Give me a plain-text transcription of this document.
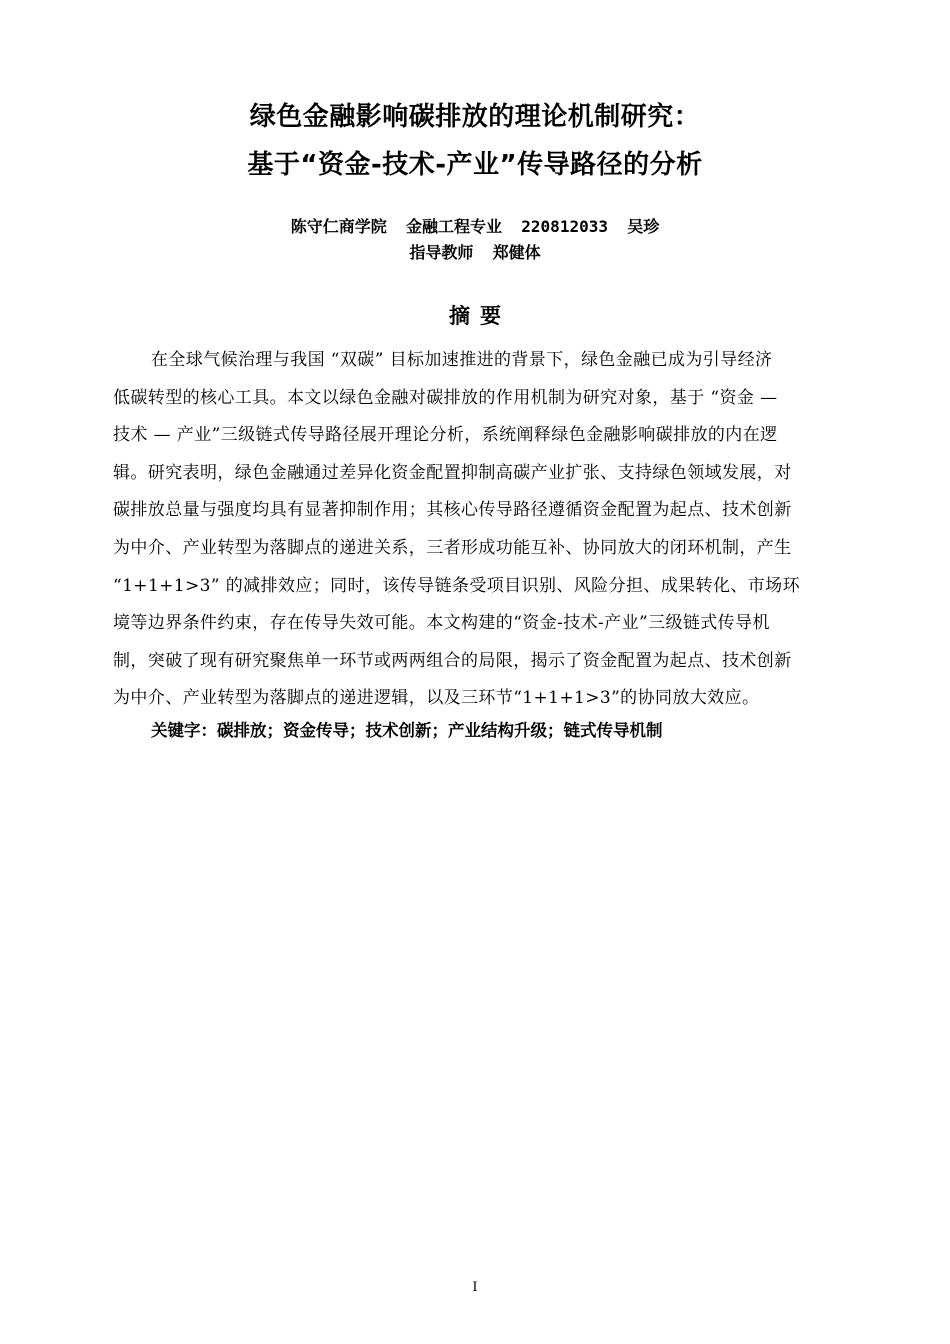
绿色金融影响碳排放的理论机制研究：
基于“资金-技术-产业”传导路径的分析
陈守仁商学院  金融工程专业  220812033  吴珍
指导教师  郑健体
摘要
在全球气候治理与我国 “双碳” 目标加速推进的背景下，绿色金融已成为引导经济
低碳转型的核心工具。本文以绿色金融对碳排放的作用机制为研究对象，基于 “资金 —
技术 — 产业”三级链式传导路径展开理论分析，系统阐释绿色金融影响碳排放的内在逻
辑。研究表明，绿色金融通过差异化资金配置抑制高碳产业扩张、支持绿色领域发展，对
碳排放总量与强度均具有显著抑制作用；其核心传导路径遵循资金配置为起点、技术创新
为中介、产业转型为落脚点的递进关系，三者形成功能互补、协同放大的闭环机制，产生
“1+1+1>3” 的减排效应；同时，该传导链条受项目识别、风险分担、成果转化、市场环
境等边界条件约束，存在传导失效可能。本文构建的“资金-技术-产业”三级链式传导机
制，突破了现有研究聚焦单一环节或两两组合的局限，揭示了资金配置为起点、技术创新
为中介、产业转型为落脚点的递进逻辑，以及三环节“1+1+1>3”的协同放大效应。
关键字：碳排放；资金传导；技术创新；产业结构升级；链式传导机制
I
